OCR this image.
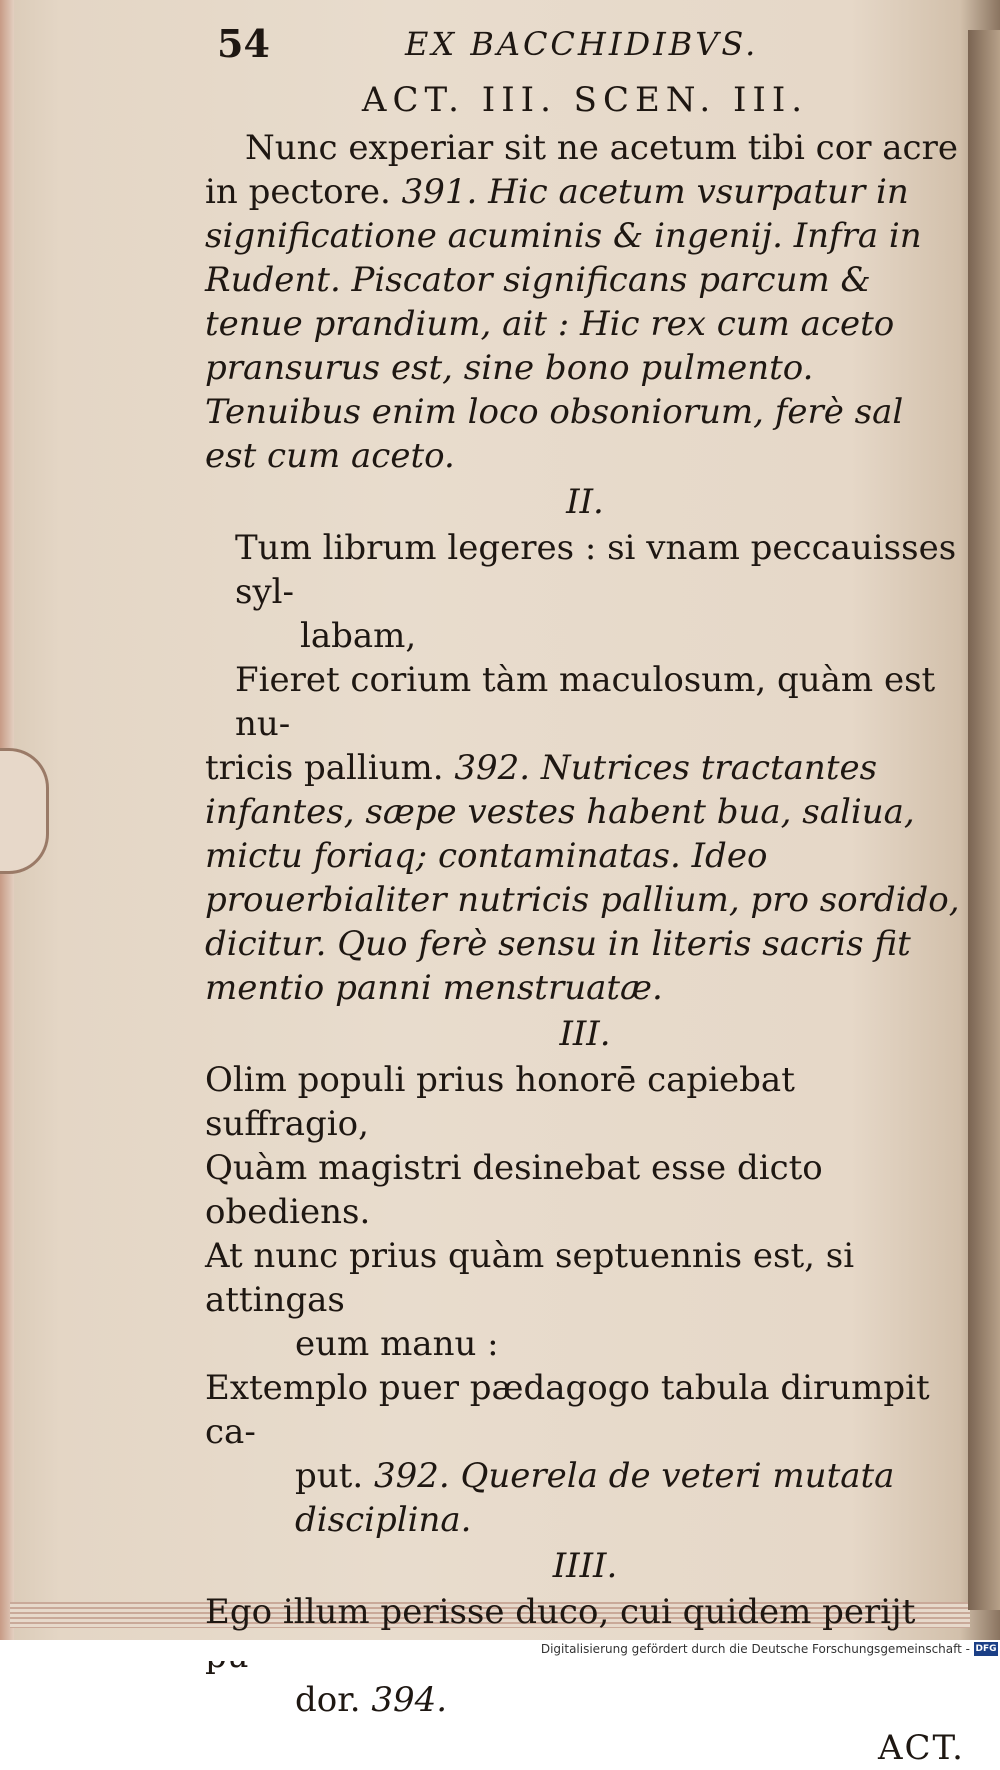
54	EX BACCHIDIBVS.
ACT. III. SCEN. III.

Nunc experiar sit ne acetum tibi cor acre in pectore. 391. Hic acetum vsurpatur in significatione acuminis & ingenij. Infra in Rudent. Piscator significans parcum & tenue prandium, ait : Hic rex cum aceto pransurus est, sine bono pulmento. Tenuibus enim loco obsoniorum, ferè sal est cum aceto.

II.
Tum librum legeres : si vnam peccauisses syl-
labam,
Fieret corium tàm maculosum, quàm est nu-

tricis pallium. 392. Nutrices tractantes infantes, sæpe vestes habent bua, saliua, mictu foriaq; contaminatas. Ideo prouerbialiter nutricis pallium, pro sordido, dicitur. Quo ferè sensu in literis sacris fit mentio panni menstruatæ.

III.
Olim populi prius honorē capiebat suffragio,
Quàm magistri desinebat esse dicto obediens.
At nunc prius quàm septuennis est, si attingas
eum manu :
Extemplo puer pædagogo tabula dirumpit ca-

put. 392. Querela de veteri mutata disciplina.

IIII.
Ego illum perisse duco, cui quidem perijt
dor. 394.
ACT.
Digitalisierung gefördert durch die Deutsche Forschungsgemeinschaft - DFG
